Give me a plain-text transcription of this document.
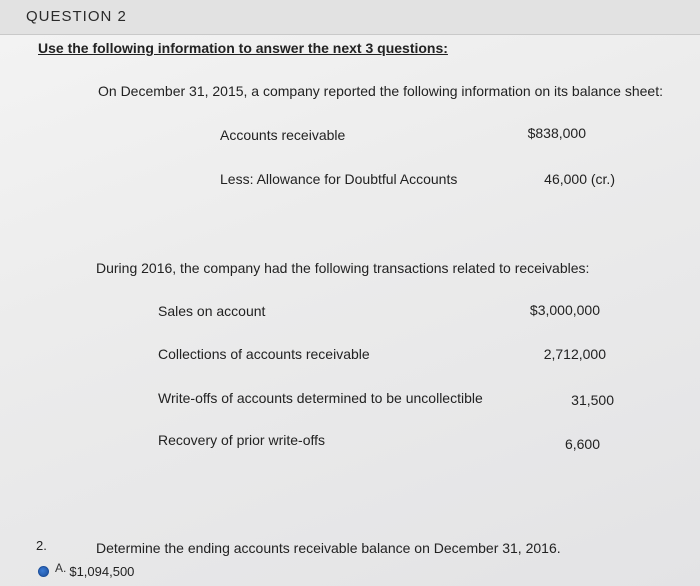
QUESTION 2
Use the following information to answer the next 3 questions:
On December 31, 2015, a company reported the following information on its balance sheet:
Accounts receivable	$838,000
Less: Allowance for Doubtful Accounts	46,000 (cr.)
During 2016, the company had the following transactions related to receivables:
Sales on account	$3,000,000
Collections of accounts receivable	2,712,000
Write-offs of accounts determined to be uncollectible	31,500
Recovery of prior write-offs	6,600
2.	Determine the ending accounts receivable balance on December 31, 2016.
A. $1,094,500
